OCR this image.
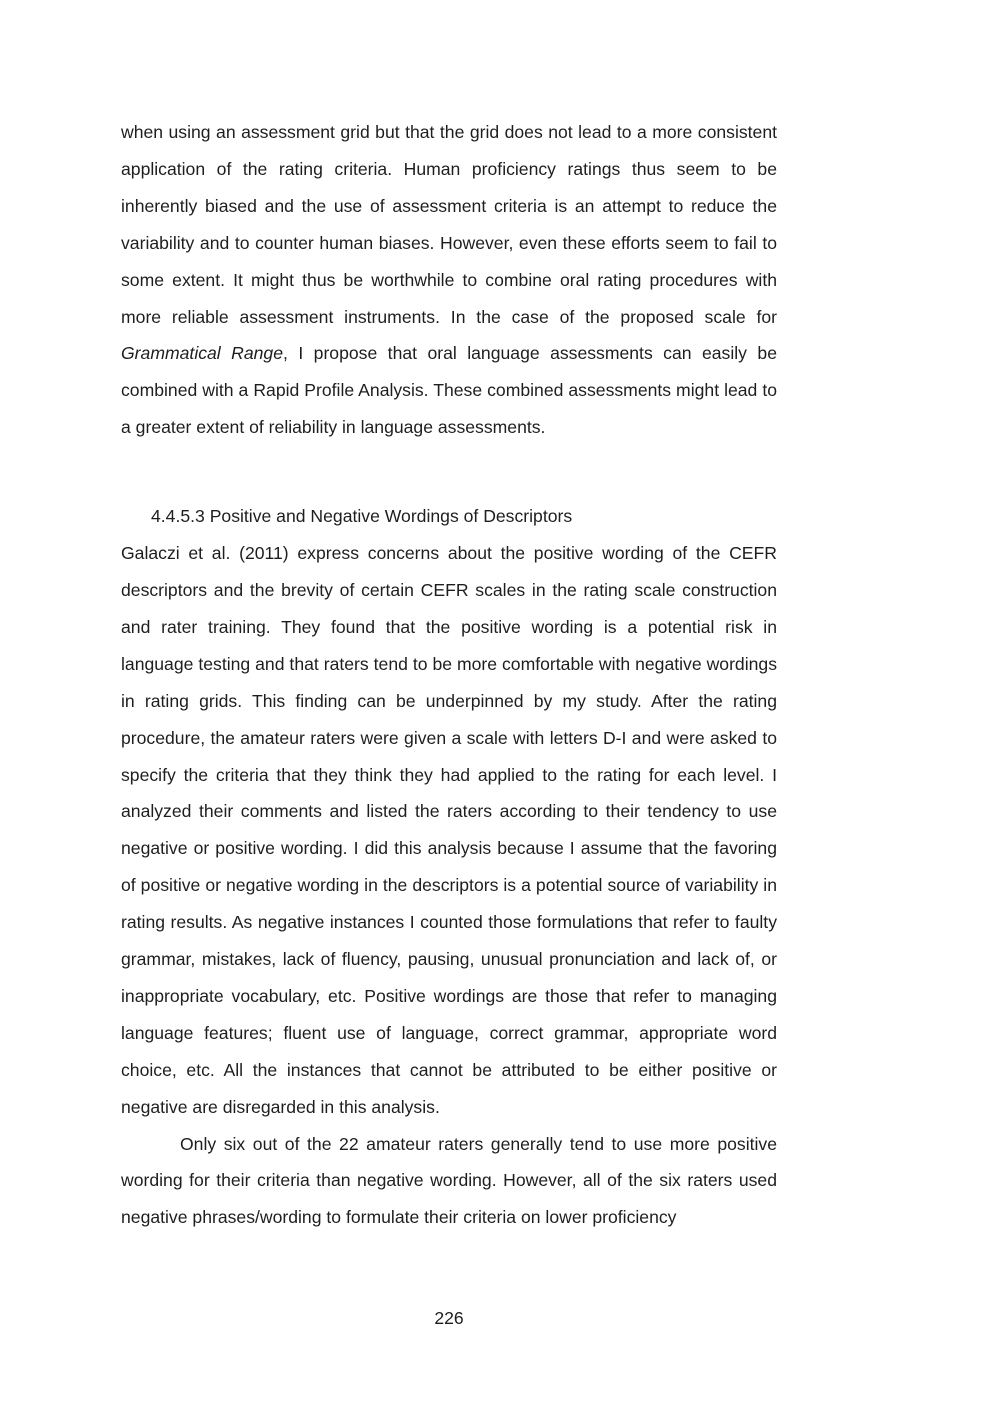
when using an assessment grid but that the grid does not lead to a more consistent application of the rating criteria. Human proficiency ratings thus seem to be inherently biased and the use of assessment criteria is an attempt to reduce the variability and to counter human biases. However, even these efforts seem to fail to some extent. It might thus be worthwhile to combine oral rating procedures with more reliable assessment instruments. In the case of the proposed scale for Grammatical Range, I propose that oral language assessments can easily be combined with a Rapid Profile Analysis. These combined assessments might lead to a greater extent of reliability in language assessments.

4.4.5.3 Positive and Negative Wordings of Descriptors

Galaczi et al. (2011) express concerns about the positive wording of the CEFR descriptors and the brevity of certain CEFR scales in the rating scale construction and rater training. They found that the positive wording is a potential risk in language testing and that raters tend to be more comfortable with negative wordings in rating grids. This finding can be underpinned by my study. After the rating procedure, the amateur raters were given a scale with letters D-I and were asked to specify the criteria that they think they had applied to the rating for each level. I analyzed their comments and listed the raters according to their tendency to use negative or positive wording. I did this analysis because I assume that the favoring of positive or negative wording in the descriptors is a potential source of variability in rating results. As negative instances I counted those formulations that refer to faulty grammar, mistakes, lack of fluency, pausing, unusual pronunciation and lack of, or inappropriate vocabulary, etc. Positive wordings are those that refer to managing language features; fluent use of language, correct grammar, appropriate word choice, etc. All the instances that cannot be attributed to be either positive or negative are disregarded in this analysis.

Only six out of the 22 amateur raters generally tend to use more positive wording for their criteria than negative wording. However, all of the six raters used negative phrases/wording to formulate their criteria on lower proficiency

226
